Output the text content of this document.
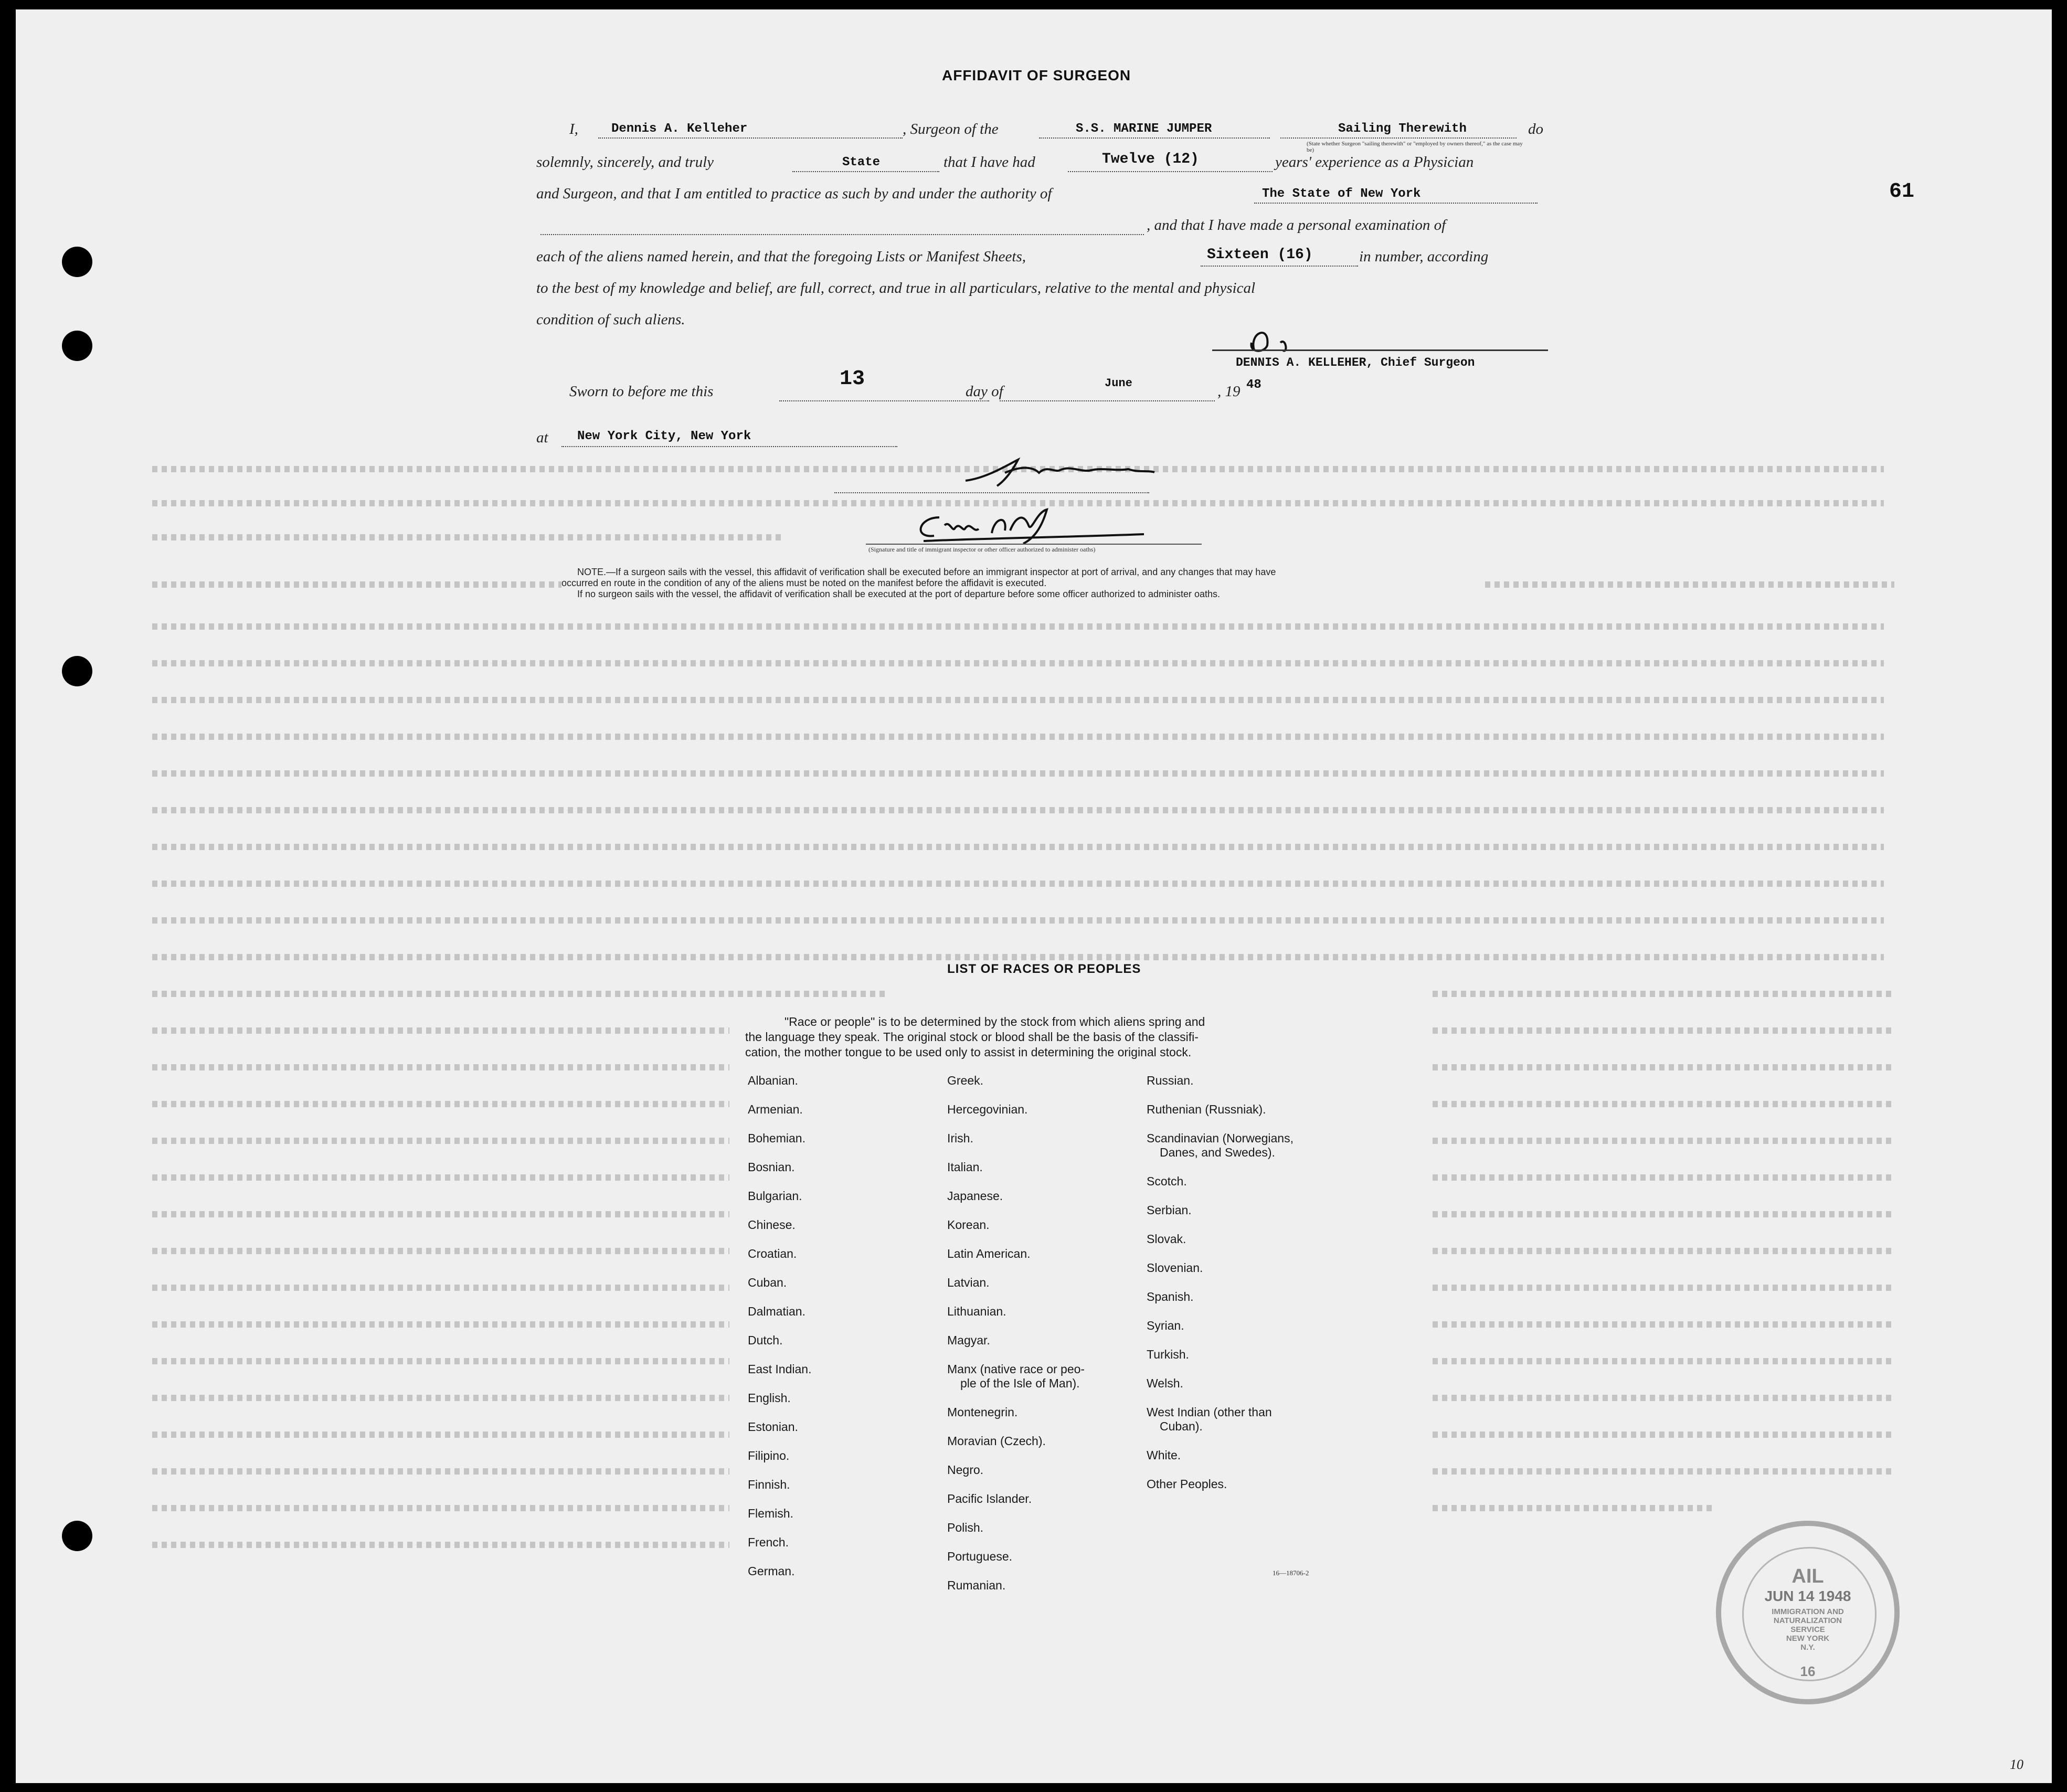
61
10
AFFIDAVIT OF SURGEON
I,	Dennis A. Kelleher	, Surgeon of the	S.S. MARINE JUMPER	Sailing Therewith	do
(State whether Surgeon "sailing therewith" or "employed by owners thereof," as the case may be)
solemnly, sincerely, and truly	State	that I have had	Twelve (12)	years' experience as a Physician
and Surgeon, and that I am entitled to practice as such by and under the authority of	The State of New York
, and that I have made a personal examination of
each of the aliens named herein, and that the foregoing Lists or Manifest Sheets,	Sixteen (16)	in number, according
to the best of my knowledge and belief, are full, correct, and true in all particulars, relative to the mental and physical
condition of such aliens.
DENNIS A. KELLEHER, Chief Surgeon
Sworn to before me this
13
day of	June	, 19 48
at New York City, New York
(Signature and title of immigrant inspector or other officer authorized to administer oaths)
NOTE.—If a surgeon sails with the vessel, this affidavit of verification shall be executed before an immigrant inspector at port of arrival, and any changes that may have
occurred en route in the condition of any of the aliens must be noted on the manifest before the affidavit is executed.
If no surgeon sails with the vessel, the affidavit of verification shall be executed at the port of departure before some officer authorized to administer oaths.
LIST OF RACES OR PEOPLES
"Race or people" is to be determined by the stock from which aliens spring and
the language they speak. The original stock or blood shall be the basis of the classifi-
cation, the mother tongue to be used only to assist in determining the original stock.
Albanian.
Armenian.
Bohemian.
Bosnian.
Bulgarian.
Chinese.
Croatian.
Cuban.
Dalmatian.
Dutch.
East Indian.
English.
Estonian.
Filipino.
Finnish.
Flemish.
French.
German.
Greek.
Hercegovinian.
Irish.
Italian.
Japanese.
Korean.
Latin American.
Latvian.
Lithuanian.
Magyar.
Manx (native race or peo-
ple of the Isle of Man).
Montenegrin.
Moravian (Czech).
Negro.
Pacific Islander.
Polish.
Portuguese.
Rumanian.
Russian.
Ruthenian (Russniak).
Scandinavian (Norwegians,
Danes, and Swedes).
Scotch.
Serbian.
Slovak.
Slovenian.
Spanish.
Syrian.
Turkish.
Welsh.
West Indian (other than
Cuban).
White.
Other Peoples.
16—18706-2	AIL
JUN 14 1948
IMMIGRATION AND
NATURALIZATION
SERVICE
NEW YORK
N.Y.
16
